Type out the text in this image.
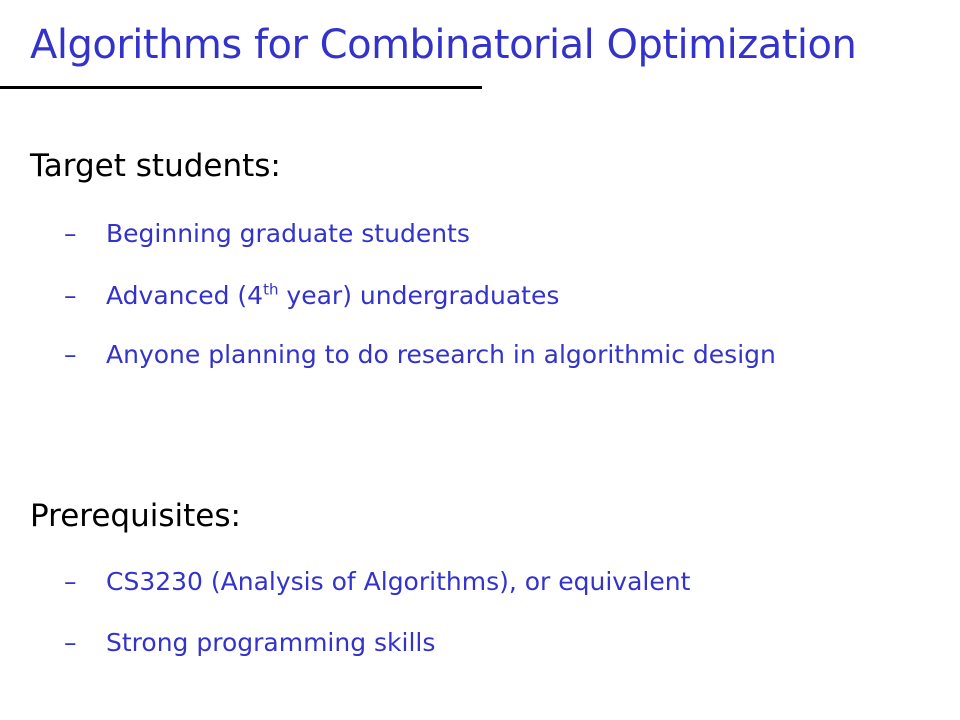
Algorithms for Combinatorial Optimization
Target students:
– Beginning graduate students
– Advanced (4th year) undergraduates
– Anyone planning to do research in algorithmic design
Prerequisites:
– CS3230 (Analysis of Algorithms), or equivalent
– Strong programming skills
